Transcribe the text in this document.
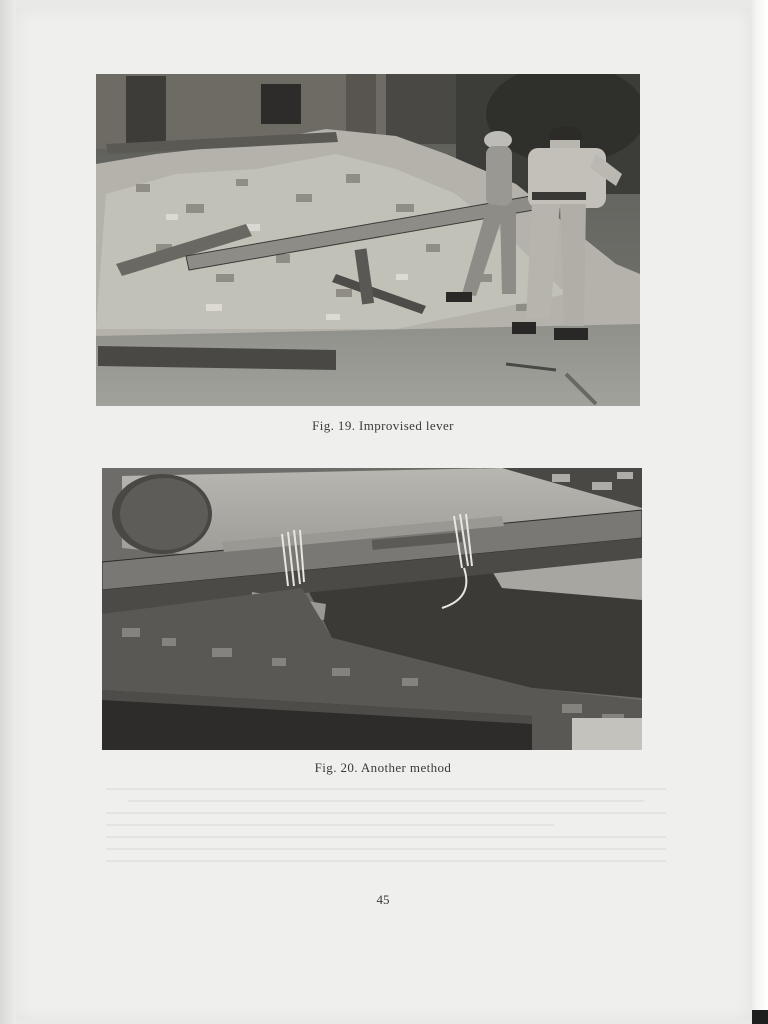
Fig. 19. Improvised lever
Fig. 20. Another method
45
